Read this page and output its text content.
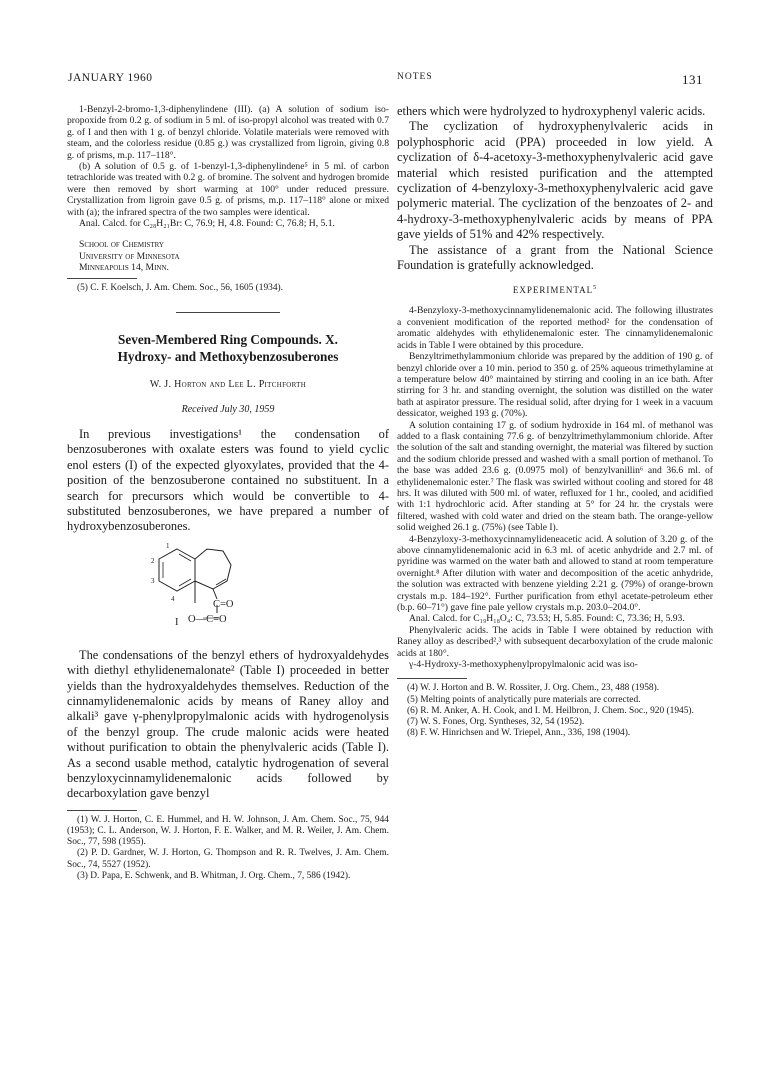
JANUARY 1960	NOTES	131

1-Benzyl-2-bromo-1,3-diphenylindene (III). (a) A solution of sodium iso-propoxide from 0.2 g. of sodium in 5 ml. of iso-propyl alcohol was treated with 0.7 g. of I and then with 1 g. of benzyl chloride. Volatile materials were removed with steam, and the colorless residue (0.85 g.) was crystallized from ligroin, giving 0.8 g. of prisms, m.p. 117–118°.

(b) A solution of 0.5 g. of 1-benzyl-1,3-diphenylindene⁵ in 5 ml. of carbon tetrachloride was treated with 0.2 g. of bromine. The solvent and hydrogen bromide were then removed by short warming at 100° under reduced pressure. Crystallization from ligroin gave 0.5 g. of prisms, m.p. 117–118° alone or mixed with (a); the infrared spectra of the two samples were identical.

Anal. Calcd. for C₂₈H₂₁Br: C, 76.9; H, 4.8. Found: C, 76.8; H, 5.1.

School of Chemistry
University of Minnesota
Minneapolis 14, Minn.

(5) C. F. Koelsch, J. Am. Chem. Soc., 56, 1605 (1934).

Seven-Membered Ring Compounds. X.
Hydroxy- and Methoxybenzosuberones
W. J. Horton and Lee L. Pitchforth
Received July 30, 1959

In previous investigations¹ the condensation of benzosuberones with oxalate esters was found to yield cyclic enol esters (I) of the expected glyoxylates, provided that the 4-position of the benzosuberone contained no substituent. In a search for precursors which would be convertible to 4-substituted benzosuberones, we have prepared a number of hydroxybenzosuberones.

1
2
3
4	C=O
O—C=O
I

The condensations of the benzyl ethers of hydroxyaldehydes with diethyl ethylidenemalonate² (Table I) proceeded in better yields than the hydroxyaldehydes themselves. Reduction of the cinnamylidenemalonic acids by means of Raney alloy and alkali³ gave γ-phenylpropylmalonic acids with hydrogenolysis of the benzyl group. The crude malonic acids were heated without purification to obtain the phenylvaleric acids (Table I). As a second usable method, catalytic hydrogenation of several benzyloxycinnamylidenemalonic acids followed by decarboxylation gave benzyl

(1) W. J. Horton, C. E. Hummel, and H. W. Johnson, J. Am. Chem. Soc., 75, 944 (1953); C. L. Anderson, W. J. Horton, F. E. Walker, and M. R. Weiler, J. Am. Chem. Soc., 77, 598 (1955).

(2) P. D. Gardner, W. J. Horton, G. Thompson and R. R. Twelves, J. Am. Chem. Soc., 74, 5527 (1952).

(3) D. Papa, E. Schwenk, and B. Whitman, J. Org. Chem., 7, 586 (1942).

ethers which were hydrolyzed to hydroxyphenyl valeric acids.

The cyclization of hydroxyphenylvaleric acids in polyphosphoric acid (PPA) proceeded in low yield. A cyclization of δ-4-acetoxy-3-methoxyphenylvaleric acid gave material which resisted purification and the attempted cyclization of 4-benzyloxy-3-methoxyphenylvaleric acid gave polymeric material. The cyclization of the benzoates of 2- and 4-hydroxy-3-methoxyphenylvaleric acids by means of PPA gave yields of 51% and 42% respectively.

The assistance of a grant from the National Science Foundation is gratefully acknowledged.

EXPERIMENTAL$^5$

4-Benzyloxy-3-methoxycinnamylidenemalonic acid. The following illustrates a convenient modification of the reported method² for the condensation of aromatic aldehydes with ethylidenemalonic ester. The cinnamylidenemalonic acids in Table I were obtained by this procedure.

Benzyltrimethylammonium chloride was prepared by the addition of 190 g. of benzyl chloride over a 10 min. period to 350 g. of 25% aqueous trimethylamine at a temperature below 40° maintained by stirring and cooling in an ice bath. After stirring for 3 hr. and standing overnight, the solution was distilled on the water bath at aspirator pressure. The residual solid, after drying for 1 week in a vacuum dessicator, weighed 193 g. (70%).

A solution containing 17 g. of sodium hydroxide in 164 ml. of methanol was added to a flask containing 77.6 g. of benzyltrimethylammonium chloride. After the solution of the salt and standing overnight, the material was filtered by suction and the sodium chloride pressed and washed with a small portion of methanol. To the base was added 23.6 g. (0.0975 mol) of benzylvanillin⁶ and 36.6 ml. of ethylidenemalonic ester.⁷ The flask was swirled without cooling and stored for 48 hrs. It was diluted with 500 ml. of water, refluxed for 1 hr., cooled, and acidified with 1:1 hydrochloric acid. After standing at 5° for 24 hr. the crystals were filtered, washed with cold water and dried on the steam bath. The orange-yellow solid weighed 26.1 g. (75%) (see Table I).

4-Benzyloxy-3-methoxycinnamylideneacetic acid. A solution of 3.20 g. of the above cinnamylidenemalonic acid in 6.3 ml. of acetic anhydride and 2.7 ml. of pyridine was warmed on the water bath and allowed to stand at room temperature overnight.⁸ After dilution with water and decomposition of the acetic anhydride, the solution was extracted with benzene yielding 2.21 g. (79%) of orange-brown crystals m.p. 184–192°. Further purification from ethyl acetate-petroleum ether (b.p. 60–71°) gave fine pale yellow crystals m.p. 203.0–204.0°.

Anal. Calcd. for C₁₉H₁₈O₄: C, 73.53; H, 5.85. Found: C, 73.36; H, 5.93.

Phenylvaleric acids. The acids in Table I were obtained by reduction with Raney alloy as described²,³ with subsequent decarboxylation of the crude malonic acids at 180°.

γ-4-Hydroxy-3-methoxyphenylpropylmalonic acid was iso-

(4) W. J. Horton and B. W. Rossiter, J. Org. Chem., 23, 488 (1958).

(5) Melting points of analytically pure materials are corrected.

(6) R. M. Anker, A. H. Cook, and I. M. Heilbron, J. Chem. Soc., 920 (1945).

(7) W. S. Fones, Org. Syntheses, 32, 54 (1952).

(8) F. W. Hinrichsen and W. Triepel, Ann., 336, 198 (1904).
